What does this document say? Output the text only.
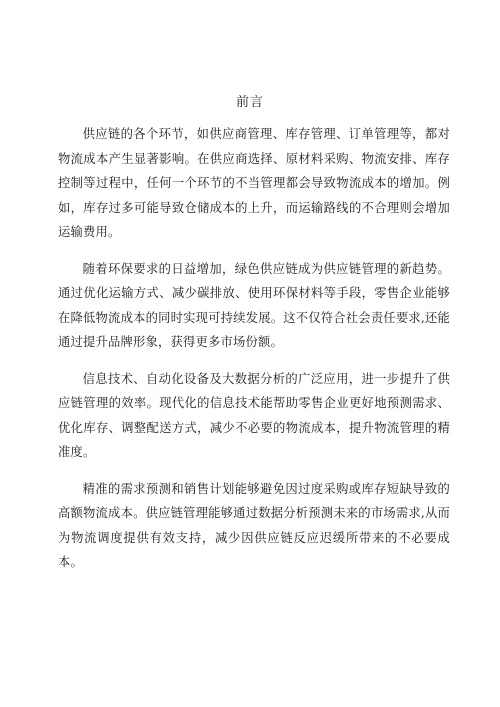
前言

供应链的各个环节，如供应商管理、库存管理、订单管理等，都对物流成本产生显著影响。在供应商选择、原材料采购、物流安排、库存控制等过程中，任何一个环节的不当管理都会导致物流成本的增加。例如，库存过多可能导致仓储成本的上升，而运输路线的不合理则会增加运输费用。

随着环保要求的日益增加，绿色供应链成为供应链管理的新趋势。通过优化运输方式、减少碳排放、使用环保材料等手段，零售企业能够在降低物流成本的同时实现可持续发展。这不仅符合社会责任要求,还能通过提升品牌形象，获得更多市场份额。

信息技术、自动化设备及大数据分析的广泛应用，进一步提升了供应链管理的效率。现代化的信息技术能帮助零售企业更好地预测需求、优化库存、调整配送方式，减少不必要的物流成本，提升物流管理的精准度。

精准的需求预测和销售计划能够避免因过度采购或库存短缺导致的高额物流成本。供应链管理能够通过数据分析预测未来的市场需求,从而为物流调度提供有效支持，减少因供应链反应迟缓所带来的不必要成本。
